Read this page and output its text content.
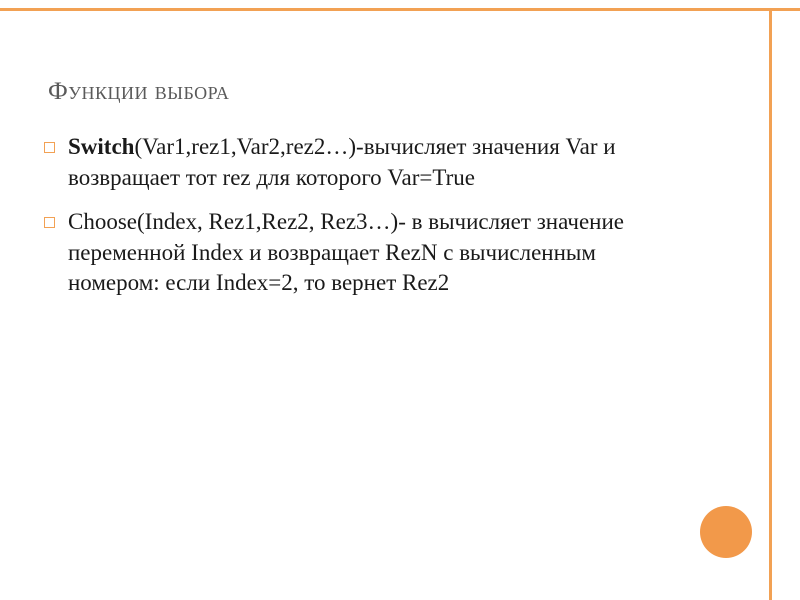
Функции выбора
Switch(Var1,rez1,Var2,rez2…)-вычисляет значения Var и возвращает тот rez для которого Var=True
Choose(Index, Rez1,Rez2, Rez3…)- в вычисляет значение переменной Index и возвращает RezN с вычисленным номером: если Index=2, то вернет Rez2
